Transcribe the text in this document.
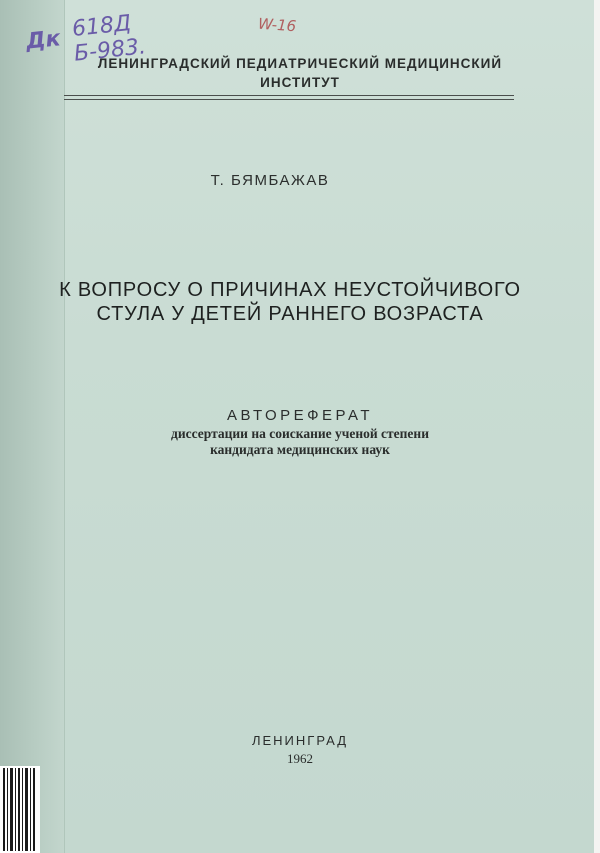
Дк 618Д
Б-983.
W-16
ЛЕНИНГРАДСКИЙ ПЕДИАТРИЧЕСКИЙ МЕДИЦИНСКИЙ
ИНСТИТУТ
Т. БЯМБАЖАВ
К ВОПРОСУ О ПРИЧИНАХ НЕУСТОЙЧИВОГО
СТУЛА У ДЕТЕЙ РАННЕГО ВОЗРАСТА
АВТОРЕФЕРАТ
диссертации на соискание ученой степени
кандидата медицинских наук
ЛЕНИНГРАД
1962
